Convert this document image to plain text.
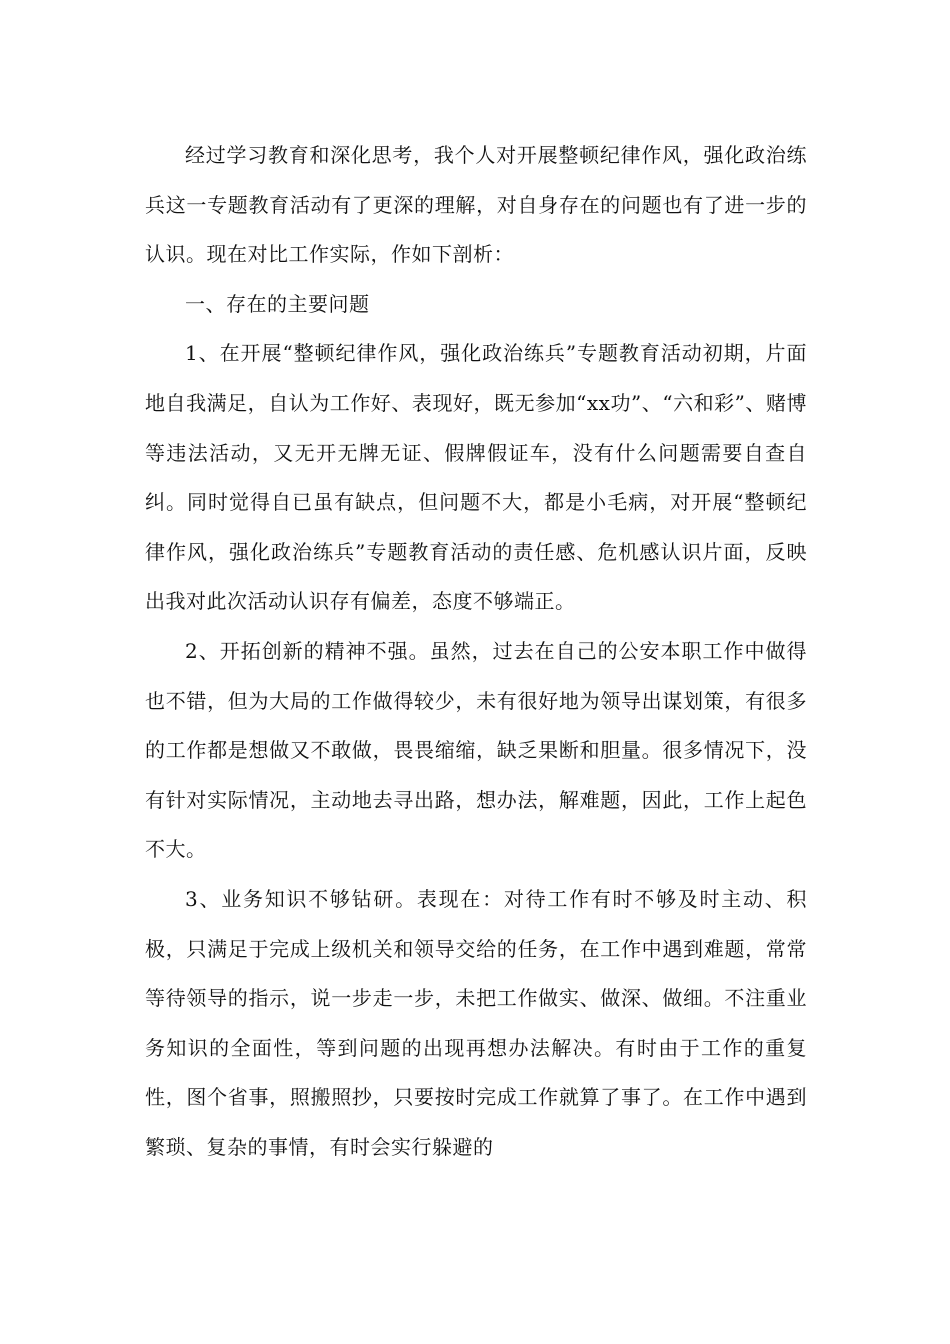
经过学习教育和深化思考，我个人对开展整顿纪律作风，强化政治练兵这一专题教育活动有了更深的理解，对自身存在的问题也有了进一步的认识。现在对比工作实际，作如下剖析：

一、存在的主要问题

1、在开展“整顿纪律作风，强化政治练兵”专题教育活动初期，片面地自我满足，自认为工作好、表现好，既无参加“xx功”、“六和彩”、赌博等违法活动，又无开无牌无证、假牌假证车，没有什么问题需要自查自纠。同时觉得自已虽有缺点，但问题不大，都是小毛病，对开展“整顿纪律作风，强化政治练兵”专题教育活动的责任感、危机感认识片面，反映出我对此次活动认识存有偏差，态度不够端正。

2、开拓创新的精神不强。虽然，过去在自己的公安本职工作中做得也不错，但为大局的工作做得较少，未有很好地为领导出谋划策，有很多的工作都是想做又不敢做，畏畏缩缩，缺乏果断和胆量。很多情况下，没有针对实际情况，主动地去寻出路，想办法，解难题，因此，工作上起色不大。

3、业务知识不够钻研。表现在：对待工作有时不够及时主动、积极，只满足于完成上级机关和领导交给的任务，在工作中遇到难题，常常等待领导的指示，说一步走一步，未把工作做实、做深、做细。不注重业务知识的全面性，等到问题的出现再想办法解决。有时由于工作的重复性，图个省事，照搬照抄，只要按时完成工作就算了事了。在工作中遇到繁琐、复杂的事情，有时会实行躲避的
